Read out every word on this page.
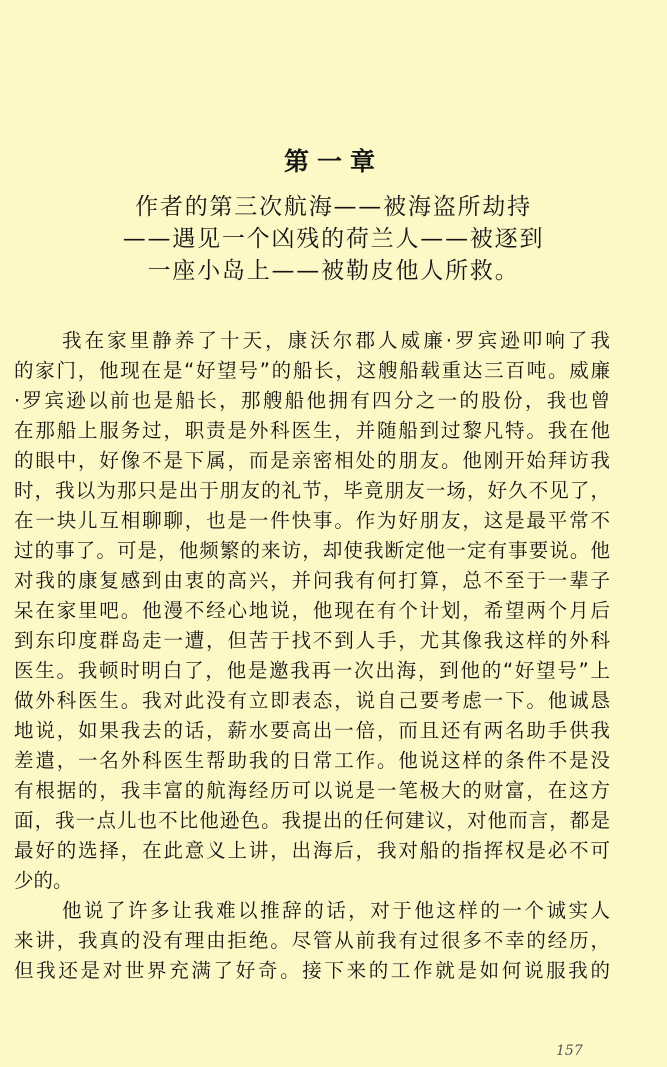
第一章
作者的第三次航海——被海盗所劫持
——遇见一个凶残的荷兰人——被逐到
一座小岛上——被勒皮他人所救。
我在家里静养了十天，康沃尔郡人威廉·罗宾逊叩响了我
的家门，他现在是“好望号”的船长，这艘船载重达三百吨。威廉
·罗宾逊以前也是船长，那艘船他拥有四分之一的股份，我也曾
在那船上服务过，职责是外科医生，并随船到过黎凡特。我在他
的眼中，好像不是下属，而是亲密相处的朋友。他刚开始拜访我
时，我以为那只是出于朋友的礼节，毕竟朋友一场，好久不见了，
在一块儿互相聊聊，也是一件快事。作为好朋友，这是最平常不
过的事了。可是，他频繁的来访，却使我断定他一定有事要说。他
对我的康复感到由衷的高兴，并问我有何打算，总不至于一辈子
呆在家里吧。他漫不经心地说，他现在有个计划，希望两个月后
到东印度群岛走一遭，但苦于找不到人手，尤其像我这样的外科
医生。我顿时明白了，他是邀我再一次出海，到他的“好望号”上
做外科医生。我对此没有立即表态，说自己要考虑一下。他诚恳
地说，如果我去的话，薪水要高出一倍，而且还有两名助手供我
差遣，一名外科医生帮助我的日常工作。他说这样的条件不是没
有根据的，我丰富的航海经历可以说是一笔极大的财富，在这方
面，我一点儿也不比他逊色。我提出的任何建议，对他而言，都是
最好的选择，在此意义上讲，出海后，我对船的指挥权是必不可
少的。
他说了许多让我难以推辞的话，对于他这样的一个诚实人
来讲，我真的没有理由拒绝。尽管从前我有过很多不幸的经历，
但我还是对世界充满了好奇。接下来的工作就是如何说服我的
157
